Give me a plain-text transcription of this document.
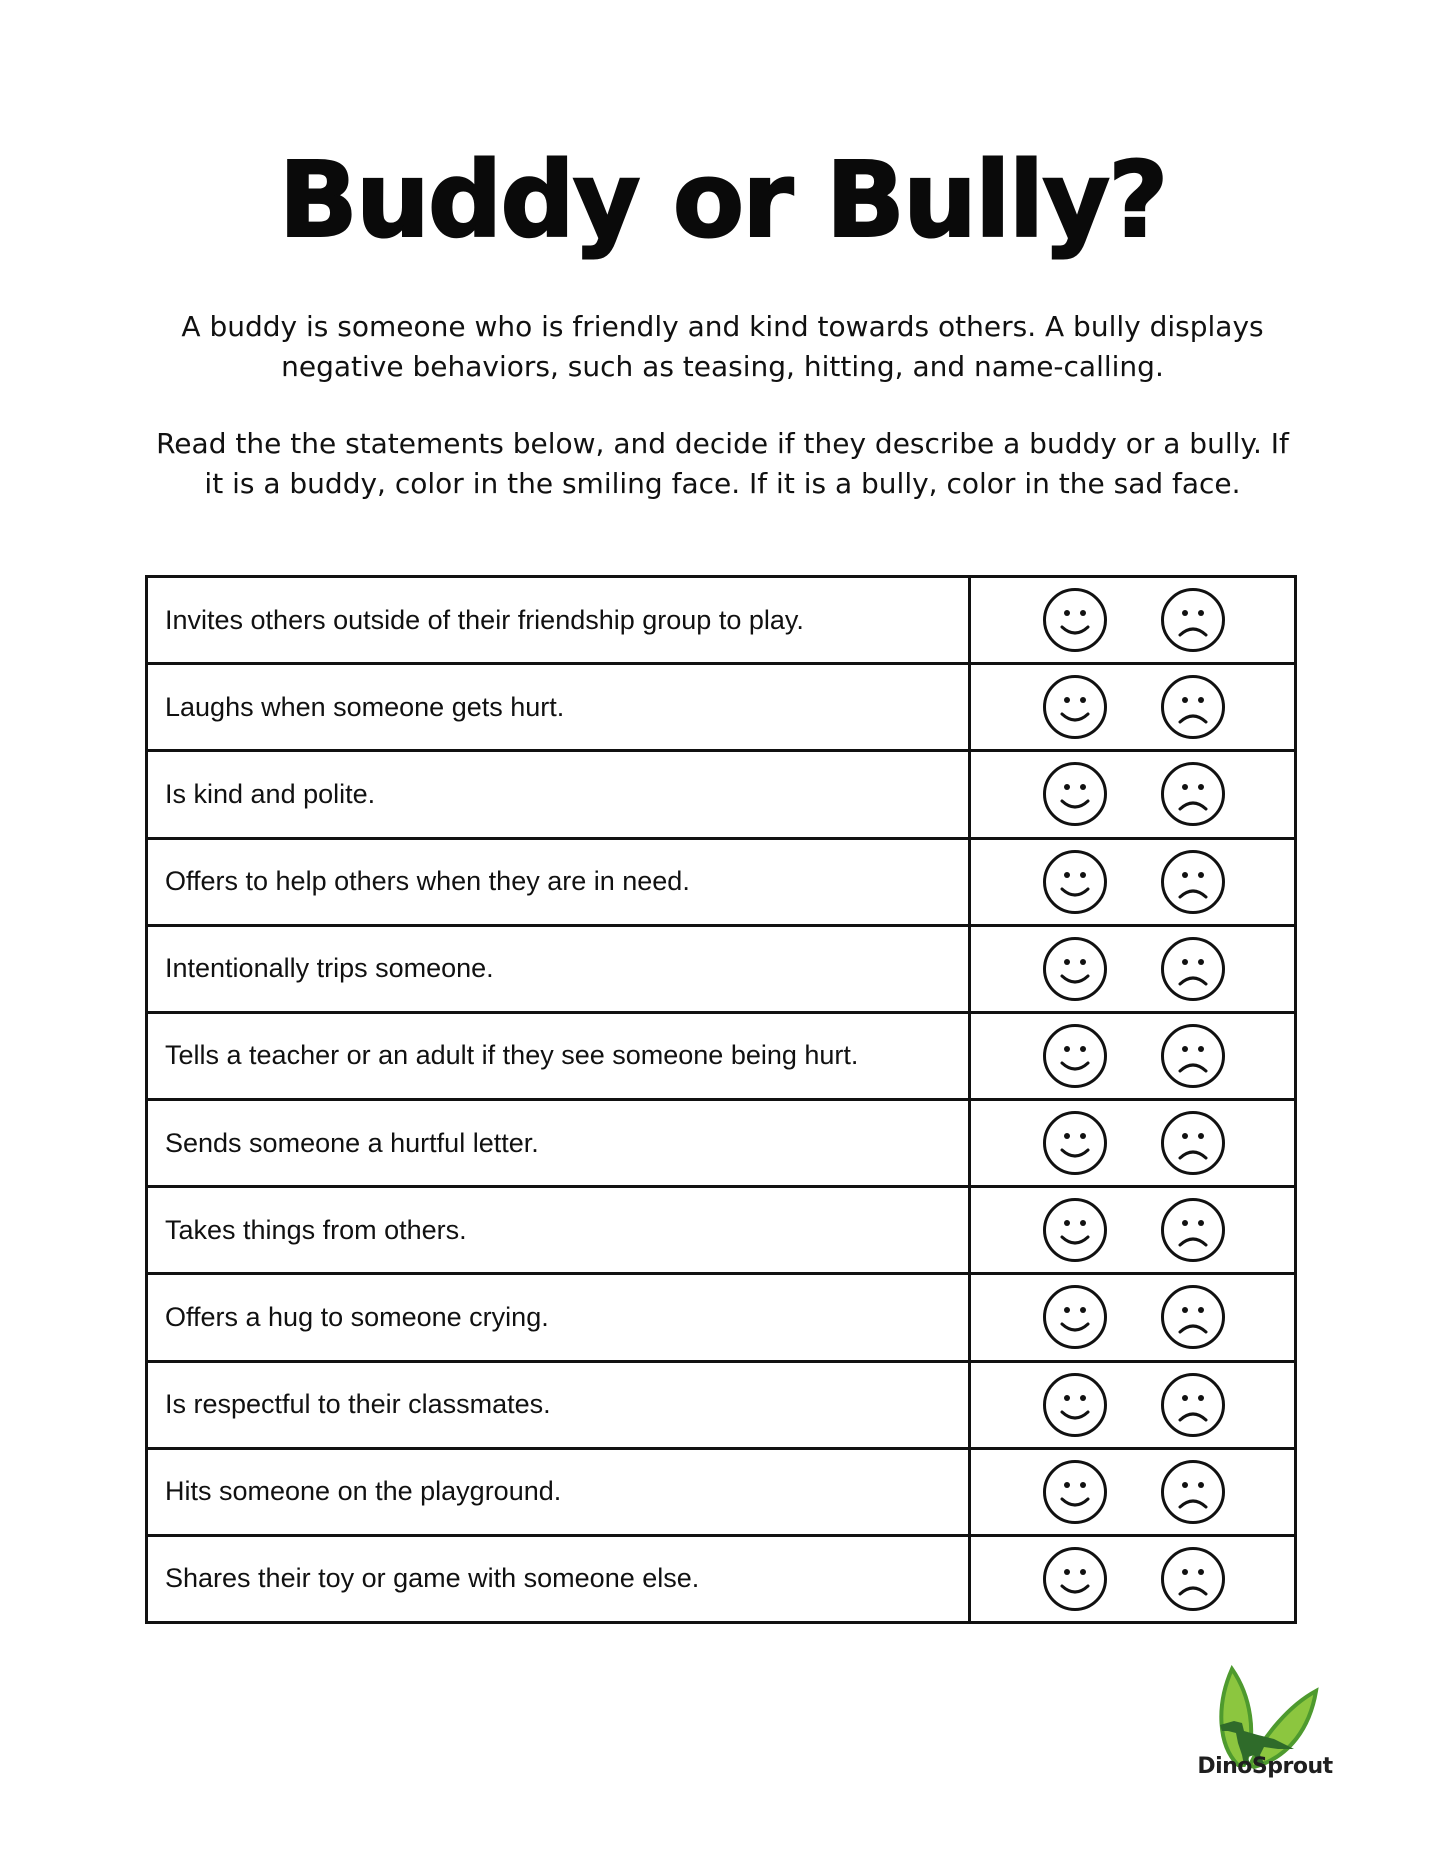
Buddy or Bully?

A buddy is someone who is friendly and kind towards others. A bully displays negative behaviors, such as teasing, hitting, and name-calling.

Read the the statements below, and decide if they describe a buddy or a bully. If it is a buddy, color in the smiling face. If it is a bully, color in the sad face.

Invites others outside of their friendship group to play.
Laughs when someone gets hurt.
Is kind and polite.
Offers to help others when they are in need.
Intentionally trips someone.
Tells a teacher or an adult if they see someone being hurt.
Sends someone a hurtful letter.
Takes things from others.
Offers a hug to someone crying.
Is respectful to their classmates.
Hits someone on the playground.
Shares their toy or game with someone else.
DinoSprout
